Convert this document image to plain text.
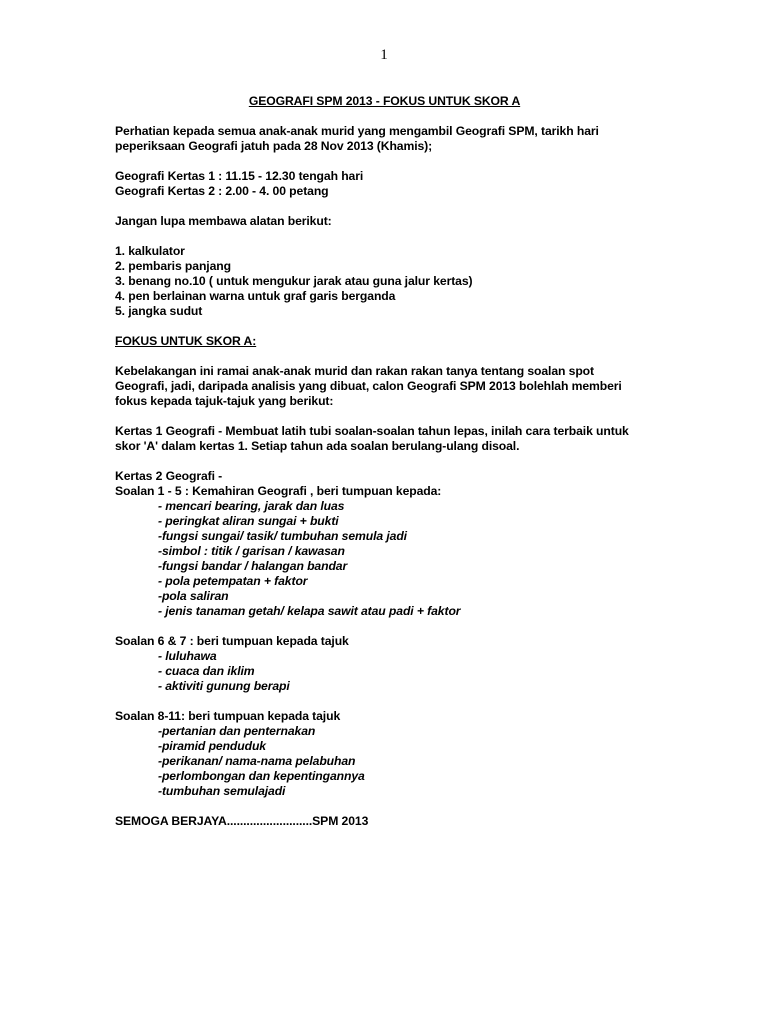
1
GEOGRAFI SPM 2013 - FOKUS UNTUK SKOR A
Perhatian kepada semua anak-anak murid yang mengambil Geografi SPM, tarikh hari
peperiksaan Geografi jatuh pada 28 Nov 2013 (Khamis);
Geografi Kertas 1 : 11.15 - 12.30 tengah hari
Geografi Kertas 2 : 2.00 - 4. 00 petang
Jangan lupa membawa alatan berikut:
1. kalkulator
2. pembaris panjang
3. benang no.10 ( untuk mengukur jarak atau guna jalur kertas)
4. pen berlainan warna untuk graf garis berganda
5. jangka sudut
FOKUS UNTUK SKOR A:
Kebelakangan ini ramai anak-anak murid dan rakan rakan tanya tentang soalan spot
Geografi, jadi, daripada analisis yang dibuat, calon Geografi SPM 2013 bolehlah memberi
fokus kepada tajuk-tajuk yang berikut:
Kertas 1 Geografi - Membuat latih tubi soalan-soalan tahun lepas, inilah cara terbaik untuk
skor 'A' dalam kertas 1. Setiap tahun ada soalan berulang-ulang disoal.
Kertas 2 Geografi -
Soalan 1 - 5 : Kemahiran Geografi , beri tumpuan kepada:
- mencari bearing, jarak dan luas
- peringkat aliran sungai + bukti
-fungsi sungai/ tasik/ tumbuhan semula jadi
-simbol : titik / garisan / kawasan
-fungsi bandar / halangan bandar
- pola petempatan + faktor
-pola saliran
- jenis tanaman getah/ kelapa sawit atau padi + faktor
Soalan 6 & 7 : beri tumpuan kepada tajuk
- luluhawa
- cuaca dan iklim
- aktiviti gunung berapi
Soalan 8-11: beri tumpuan kepada tajuk
-pertanian dan penternakan
-piramid penduduk
-perikanan/ nama-nama pelabuhan
-perlombongan dan kepentingannya
-tumbuhan semulajadi
SEMOGA BERJAYA..........................SPM 2013
